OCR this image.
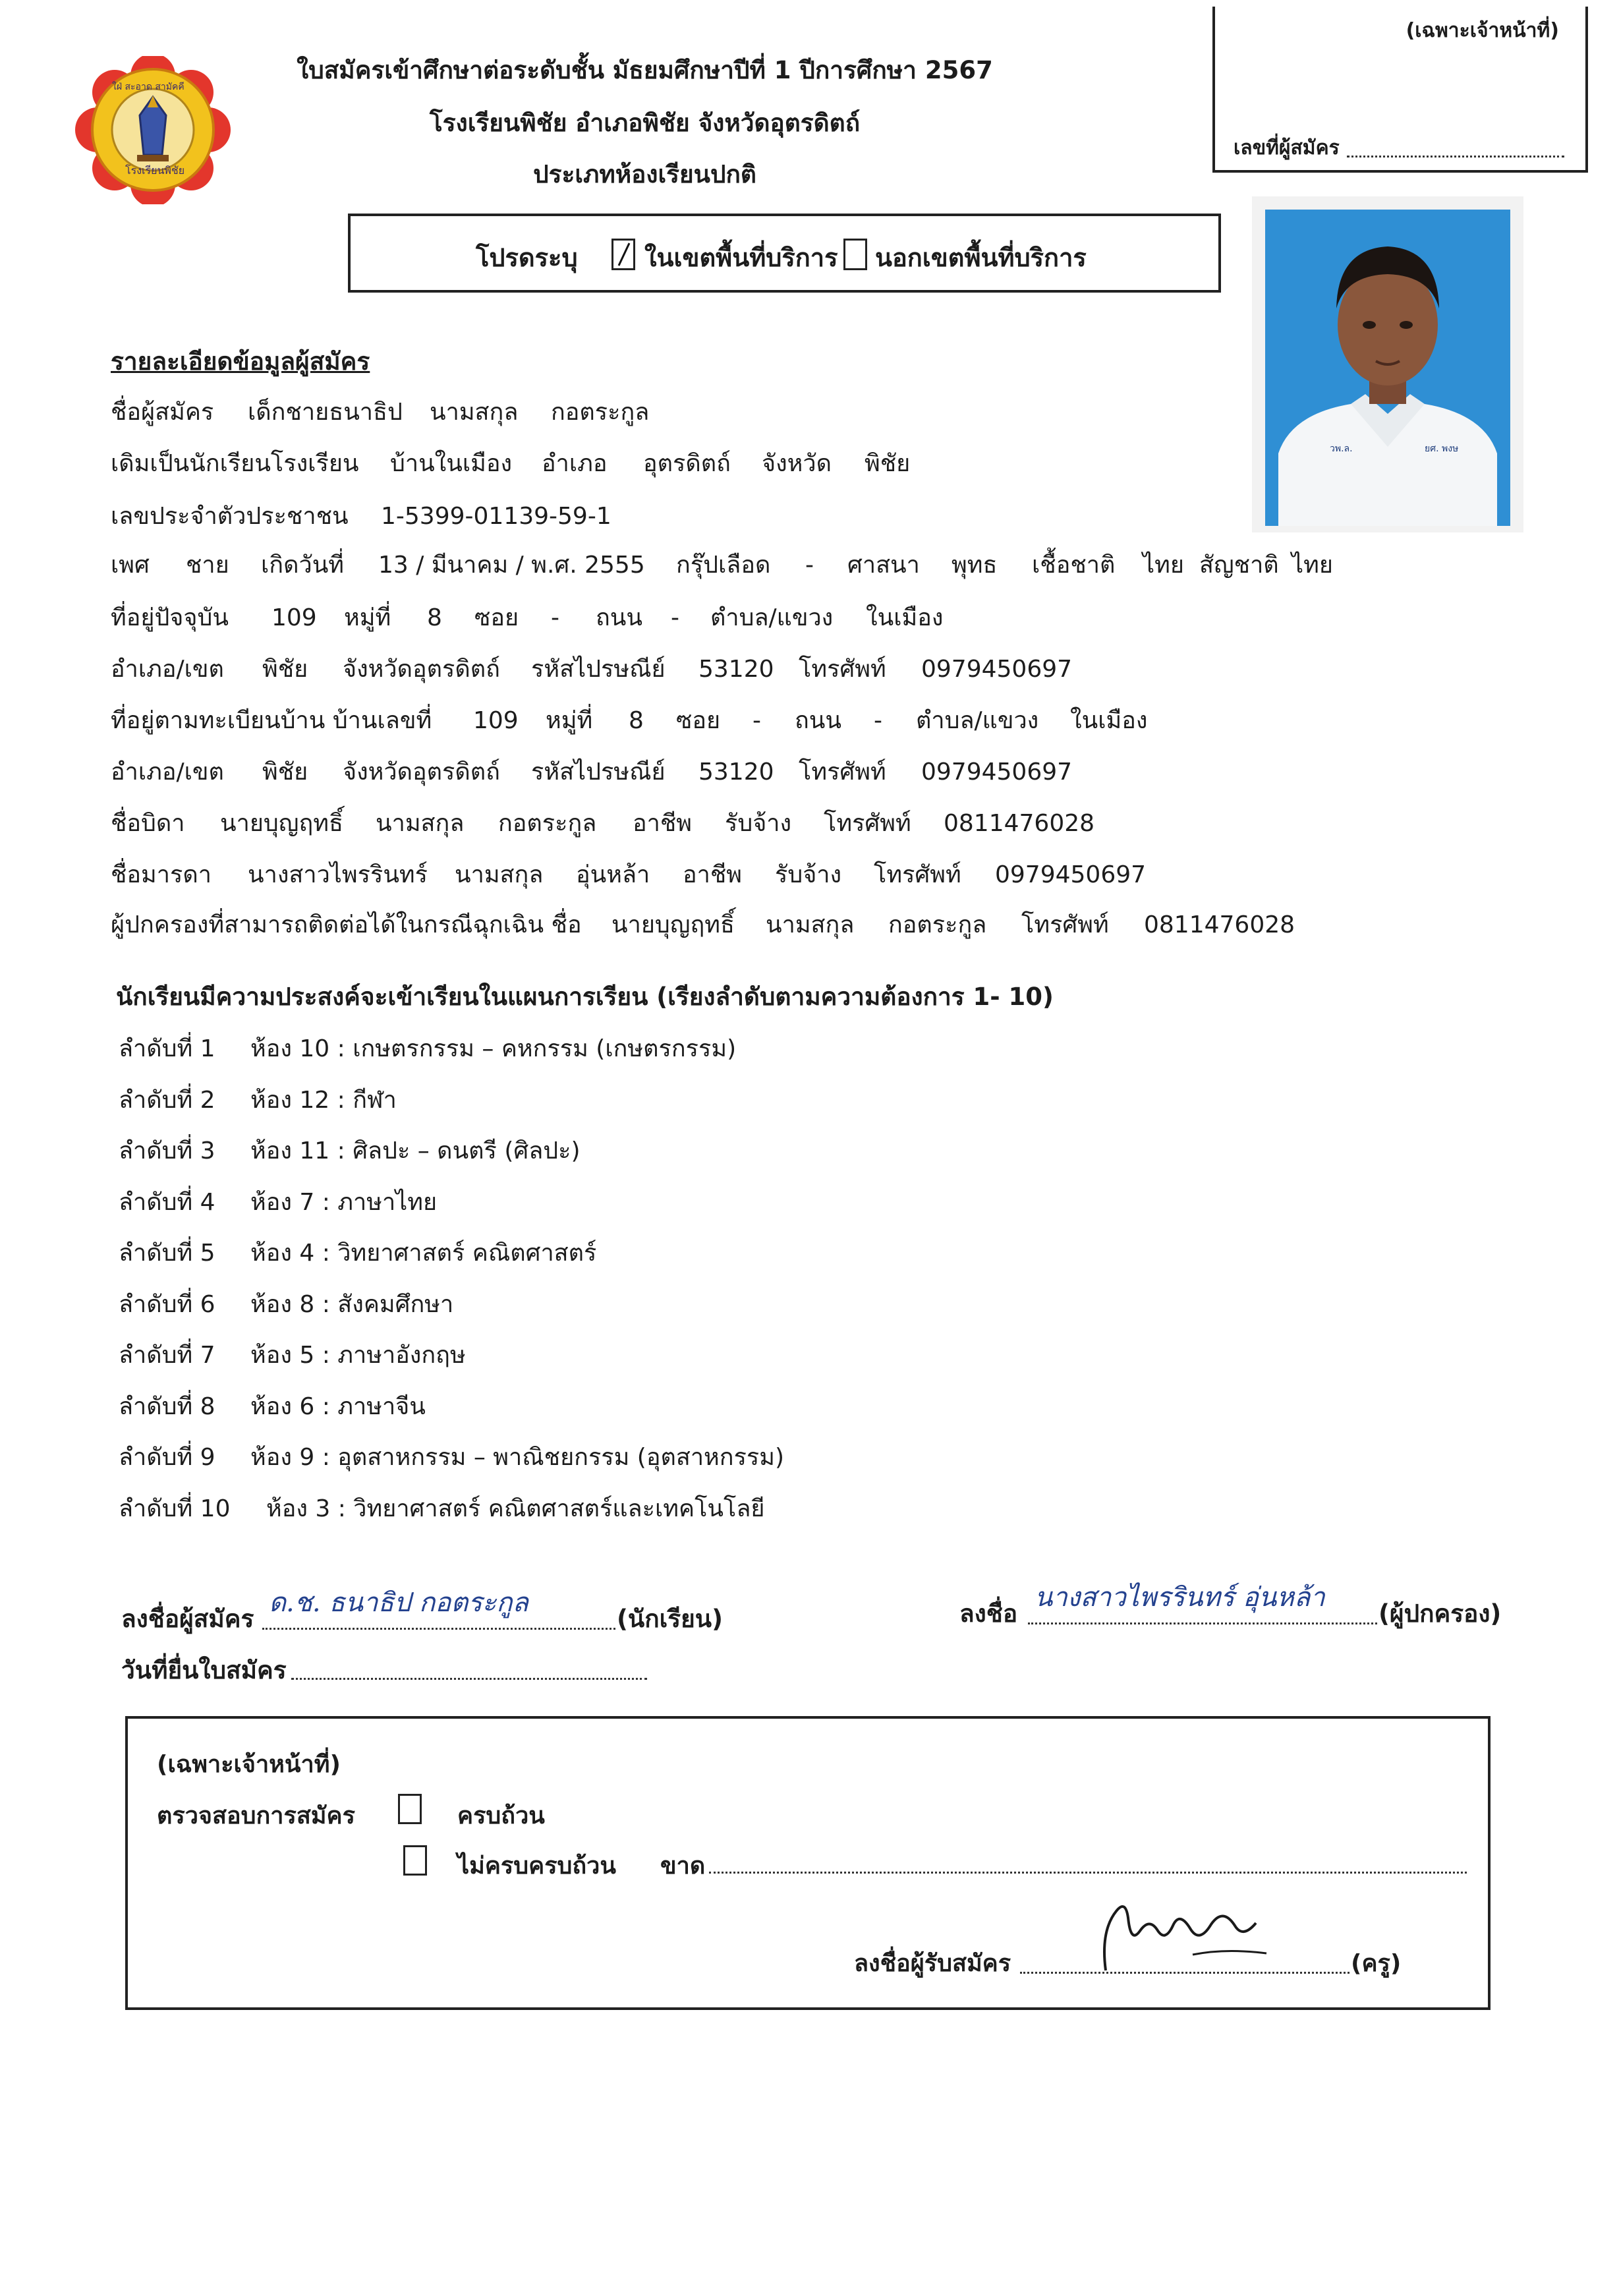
(เฉพาะเจ้าหน้าที่)
เลขที่ผู้สมัคร
ใฝ่ สะอาด สามัคคี
โรงเรียนพิชัย
ใบสมัครเข้าศึกษาต่อระดับชั้น มัธยมศึกษาปีที่ 1 ปีการศึกษา 2567
โรงเรียนพิชัย อำเภอพิชัย จังหวัดอุตรดิตถ์
ประเภทห้องเรียนปกติ
โปรดระบุ	ในเขตพื้นที่บริการ นอกเขตพื้นที่บริการ
วพ.ล.	ยศ. พงษ
รายละเอียดข้อมูลผู้สมัคร
ชื่อผู้สมัคร เด็กชายธนาธิป นามสกุล กอตระกูล
เดิมเป็นนักเรียนโรงเรียน บ้านในเมือง อำเภอ อุตรดิตถ์ จังหวัด พิชัย
เลขประจำตัวประชาชน 1-5399-01139-59-1
เพศ ชาย เกิดวันที่ 13 / มีนาคม / พ.ศ. 2555 กรุ๊ปเลือด - ศาสนา พุทธ เชื้อชาติ ไทย สัญชาติ ไทย
ที่อยู่ปัจจุบัน 109 หมู่ที่ 8 ซอย - ถนน - ตำบล/แขวง ในเมือง
อำเภอ/เขต พิชัย จังหวัดอุตรดิตถ์ รหัสไปรษณีย์ 53120 โทรศัพท์ 0979450697
ที่อยู่ตามทะเบียนบ้าน บ้านเลขที่ 109 หมู่ที่ 8 ซอย - ถนน - ตำบล/แขวง ในเมือง
อำเภอ/เขต พิชัย จังหวัดอุตรดิตถ์ รหัสไปรษณีย์ 53120 โทรศัพท์ 0979450697
ชื่อบิดา นายบุญฤทธิ์ นามสกุล กอตระกูล อาชีพ รับจ้าง โทรศัพท์ 0811476028
ชื่อมารดา นางสาวไพรรินทร์ นามสกุล อุ่นหล้า อาชีพ รับจ้าง โทรศัพท์ 0979450697
ผู้ปกครองที่สามารถติดต่อได้ในกรณีฉุกเฉิน ชื่อ นายบุญฤทธิ์ นามสกุล กอตระกูล โทรศัพท์ 0811476028
นักเรียนมีความประสงค์จะเข้าเรียนในแผนการเรียน (เรียงลำดับตามความต้องการ 1- 10)
ลำดับที่ 1 ห้อง 10 : เกษตรกรรม – คหกรรม (เกษตรกรรม)
ลำดับที่ 2 ห้อง 12 : กีฬา
ลำดับที่ 3 ห้อง 11 : ศิลปะ – ดนตรี (ศิลปะ)
ลำดับที่ 4 ห้อง 7 : ภาษาไทย
ลำดับที่ 5 ห้อง 4 : วิทยาศาสตร์ คณิตศาสตร์
ลำดับที่ 6 ห้อง 8 : สังคมศึกษา
ลำดับที่ 7 ห้อง 5 : ภาษาอังกฤษ
ลำดับที่ 8 ห้อง 6 : ภาษาจีน
ลำดับที่ 9 ห้อง 9 : อุตสาหกรรม – พาณิชยกรรม (อุตสาหกรรม)
ลำดับที่ 10 ห้อง 3 : วิทยาศาสตร์ คณิตศาสตร์และเทคโนโลยี
ลงชื่อผู้สมัคร
ด.ช. ธนาธิป กอตระกูล
(นักเรียน)	ลงชื่อ
นางสาวไพรรินทร์ อุ่นหล้า
(ผู้ปกครอง)
วันที่ยื่นใบสมัคร
(เฉพาะเจ้าหน้าที่)
ตรวจสอบการสมัคร	ครบถ้วน
ไม่ครบครบถ้วน ขาด
ลงชื่อผู้รับสมัคร	(ครู)
